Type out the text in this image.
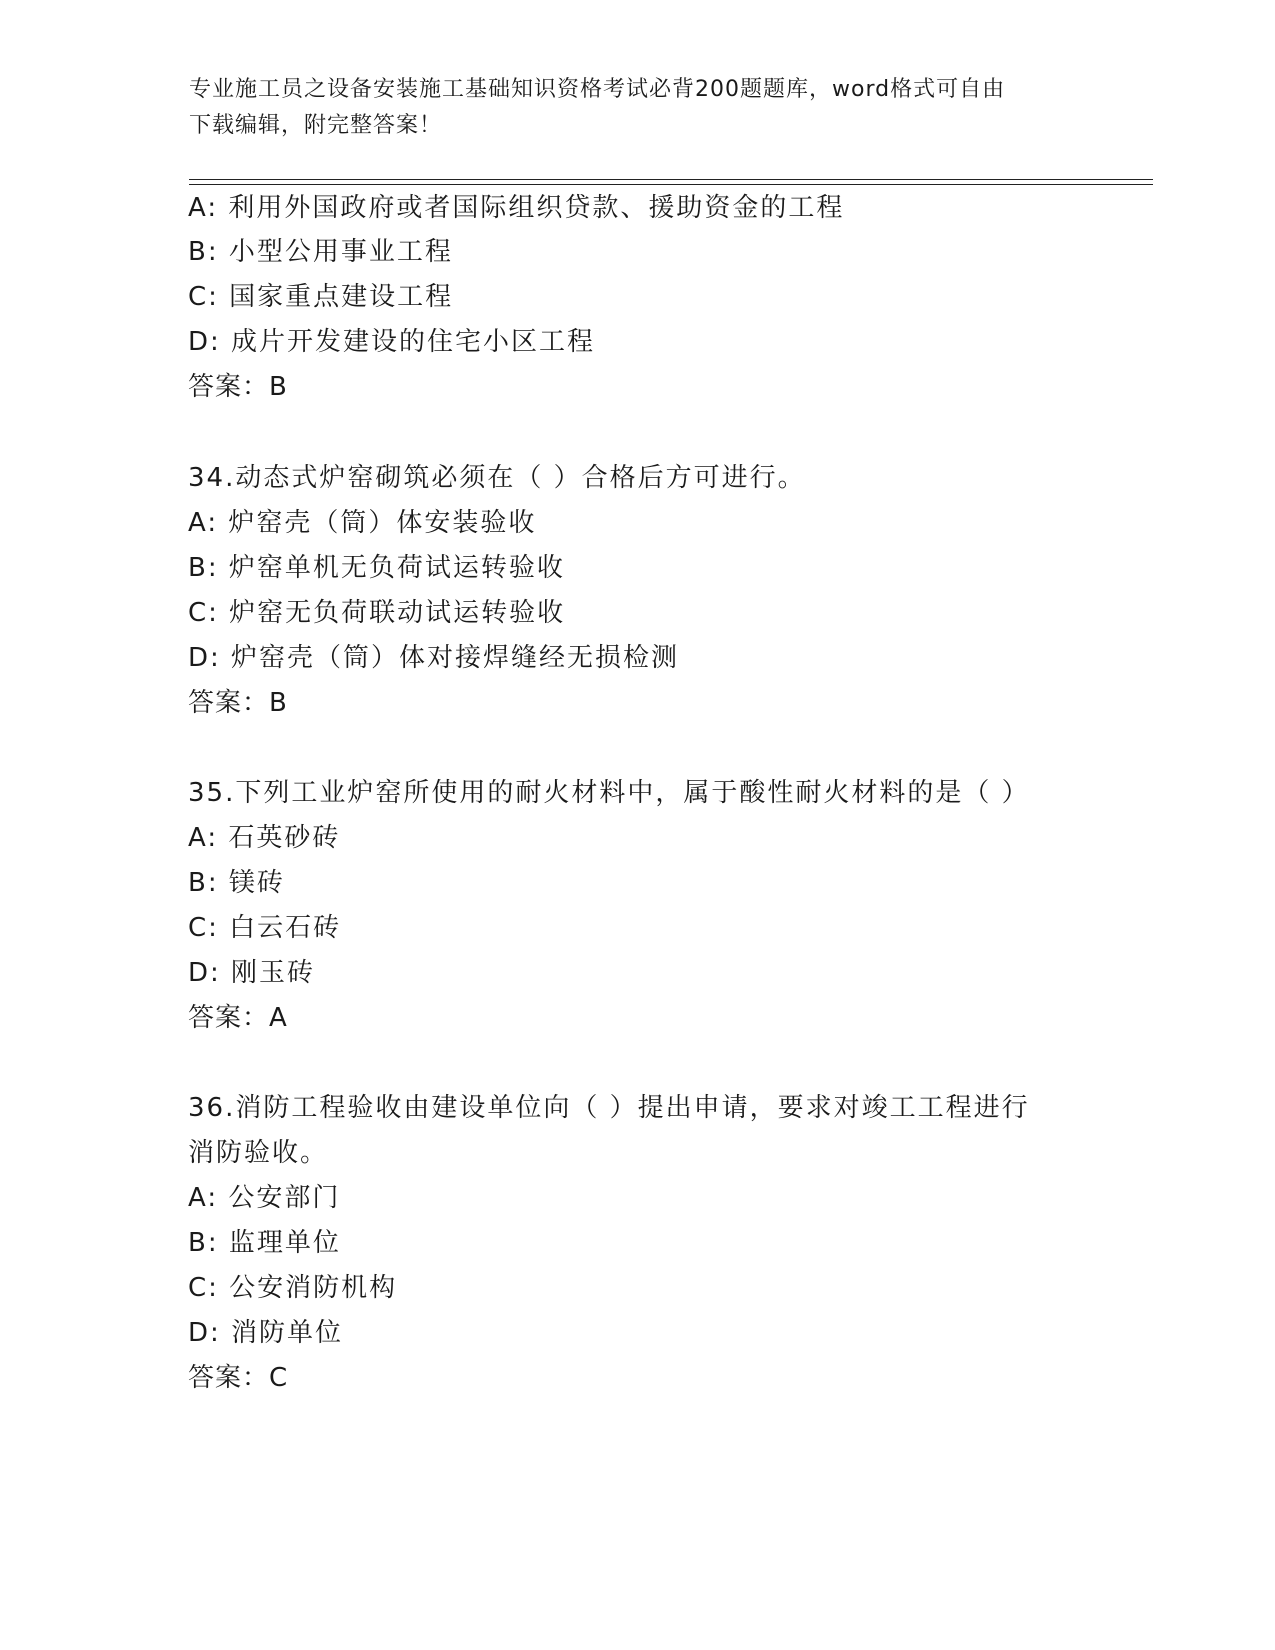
专业施工员之设备安装施工基础知识资格考试必背200题题库，word格式可自由
下载编辑，附完整答案！
A: 利用外国政府或者国际组织贷款、援助资金的工程
B: 小型公用事业工程
C: 国家重点建设工程
D: 成片开发建设的住宅小区工程
答案：B
34.动态式炉窑砌筑必须在（ ）合格后方可进行。
A: 炉窑壳（筒）体安装验收
B: 炉窑单机无负荷试运转验收
C: 炉窑无负荷联动试运转验收
D: 炉窑壳（筒）体对接焊缝经无损检测
答案：B
35.下列工业炉窑所使用的耐火材料中，属于酸性耐火材料的是（ ）
A: 石英砂砖
B: 镁砖
C: 白云石砖
D: 刚玉砖
答案：A
36.消防工程验收由建设单位向（ ）提出申请，要求对竣工工程进行
消防验收。
A: 公安部门
B: 监理单位
C: 公安消防机构
D: 消防单位
答案：C
